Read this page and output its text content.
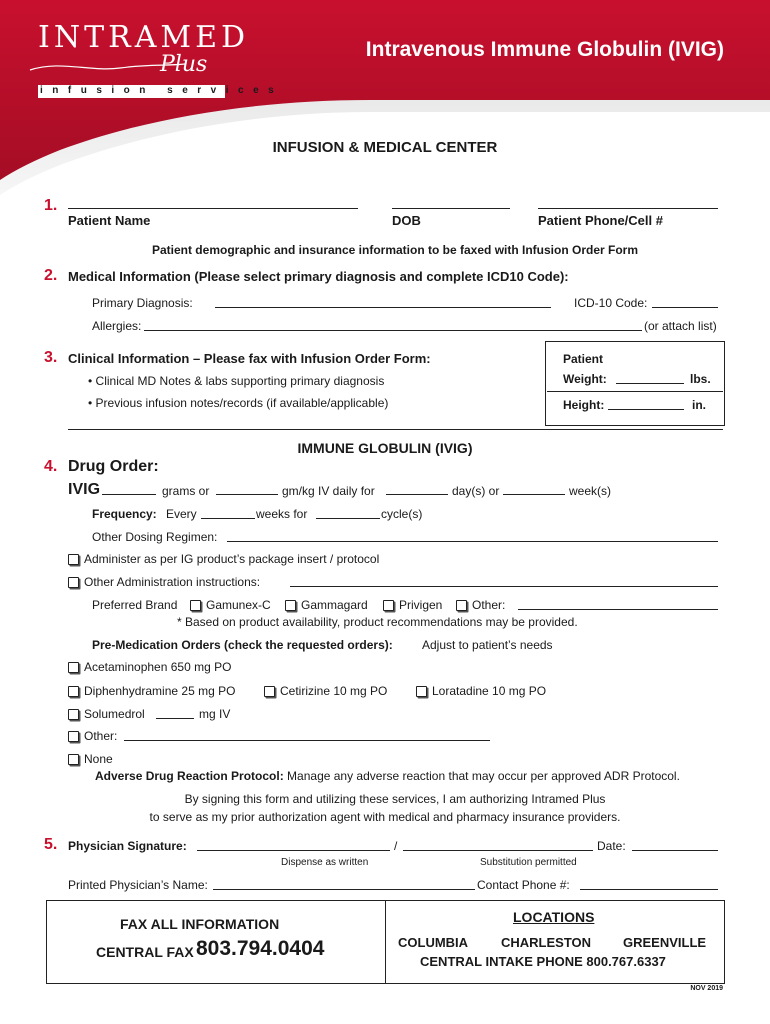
INTRAMED
Plus
infusion services
Intravenous Immune Globulin (IVIG)
INFUSION & MEDICAL CENTER
1.
Patient Name	DOB	Patient Phone/Cell #
Patient demographic and insurance information to be faxed with Infusion Order Form
2. Medical Information (Please select primary diagnosis and complete ICD10 Code):
Primary Diagnosis:	ICD-10 Code:
Allergies:	(or attach list)
3. Clinical Information – Please fax with Infusion Order Form:
• Clinical MD Notes & labs supporting primary diagnosis
• Previous infusion notes/records (if available/applicable)
Patient
Weight:	lbs.
Height:	in.
IMMUNE GLOBULIN (IVIG)
4. Drug Order:
IVIG	grams or	gm/kg IV daily for	day(s) or	week(s)
Frequency: Every	weeks for	cycle(s)
Other Dosing Regimen:
Administer as per IG product’s package insert / protocol
Other Administration instructions:
Preferred Brand	Gamunex-C	Gammagard	Privigen	Other:
* Based on product availability, product recommendations may be provided.
Pre-Medication Orders (check the requested orders): Adjust to patient’s needs
Acetaminophen 650 mg PO
Diphenhydramine 25 mg PO	Cetirizine 10 mg PO	Loratadine 10 mg PO
Solumedrol	mg IV
Other:
None
Adverse Drug Reaction Protocol: Manage any adverse reaction that may occur per approved ADR Protocol.
By signing this form and utilizing these services, I am authorizing Intramed Plus
to serve as my prior authorization agent with medical and pharmacy insurance providers.
5. Physician Signature:	/	Date:
Dispense as written	Substitution permitted
Printed Physician’s Name:	Contact Phone #:
FAX ALL INFORMATION
CENTRAL FAX 803.794.0404
LOCATIONS
COLUMBIA	CHARLESTON GREENVILLE
CENTRAL INTAKE PHONE 800.767.6337
NOV 2019
